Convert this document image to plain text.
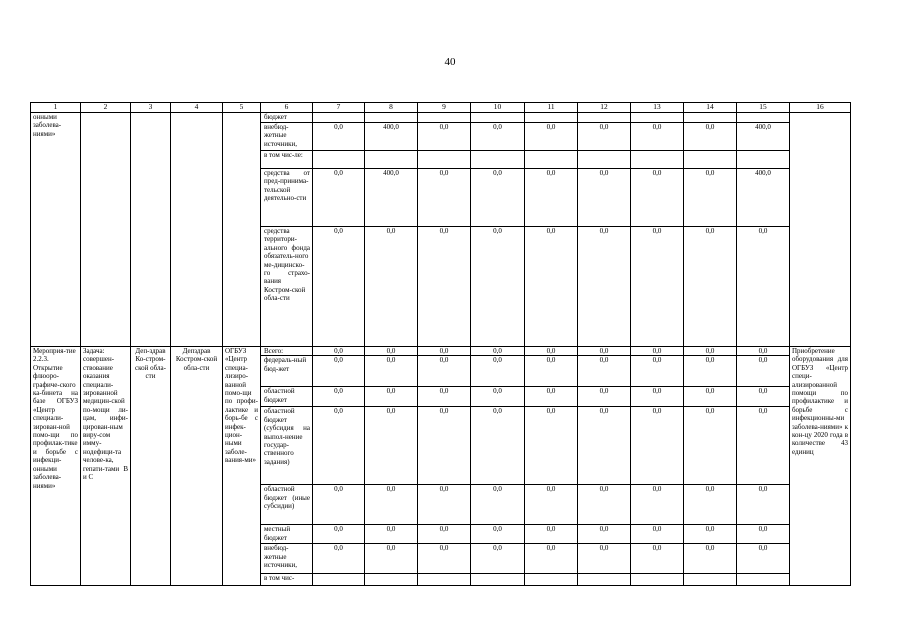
40
1	2	3	4	5	6	7	8	9	10	11	12	13	14	15	16
онными заболева-ниями»					бюджет										
					внебюд-жетные источники,	0,0	400,0	0,0	0,0	0,0	0,0	0,0	0,0	400,0	
					в том чис-ле:										
					средства от пред-принима-тельской деятельно-сти	0,0	400,0	0,0	0,0	0,0	0,0	0,0	0,0	400,0	
					средства территори-ального фонда обязатель-ного ме-дицинско-го страхо-вания Костром-ской обла-сти	0,0	0,0	0,0	0,0	0,0	0,0	0,0	0,0	0,0	
Мероприя-тие 2.2.3. Открытие флюоро-графиче-ского ка-бинета на базе ОГБУЗ «Центр специали-зирован-ной помо-щи по профилак-тике и борьбе с инфекци-онными заболева-ниями»	Задача: совершен-ствование оказания специали-зированной медицин-ской по-мощи ли-цам, инфи-цирован-ным виру-сом имму-нодефици-та челове-ка, гепати-тами B и C	Деп-здрав Ко-стром-ской обла-сти	Депздрав Костром-ской обла-сти	ОГБУЗ «Центр специа-лизиро-ванной помо-щи по профи-лактике и борь-бе с инфек-цион-ными заболе-вания-ми»	Всего:	0,0	0,0	0,0	0,0	0,0	0,0	0,0	0,0	0,0	Приобретение оборудования для ОГБУЗ «Центр специ-ализированной помощи по профилактике и борьбе с инфекционны-ми заболева-ниями» к кон-цу 2020 года в количестве 43 единиц
					федераль-ный бюд-жет	0,0	0,0	0,0	0,0	0,0	0,0	0,0	0,0	0,0	
					областной бюджет	0,0	0,0	0,0	0,0	0,0	0,0	0,0	0,0	0,0	
					областной бюджет (субсидия на выпол-нение государ-ственного задания)	0,0	0,0	0,0	0,0	0,0	0,0	0,0	0,0	0,0	
					областной бюджет (иные субсидии)	0,0	0,0	0,0	0,0	0,0	0,0	0,0	0,0	0,0	
					местный бюджет	0,0	0,0	0,0	0,0	0,0	0,0	0,0	0,0	0,0	
					внебюд-жетные источники,	0,0	0,0	0,0	0,0	0,0	0,0	0,0	0,0	0,0	
					в том чис-										
